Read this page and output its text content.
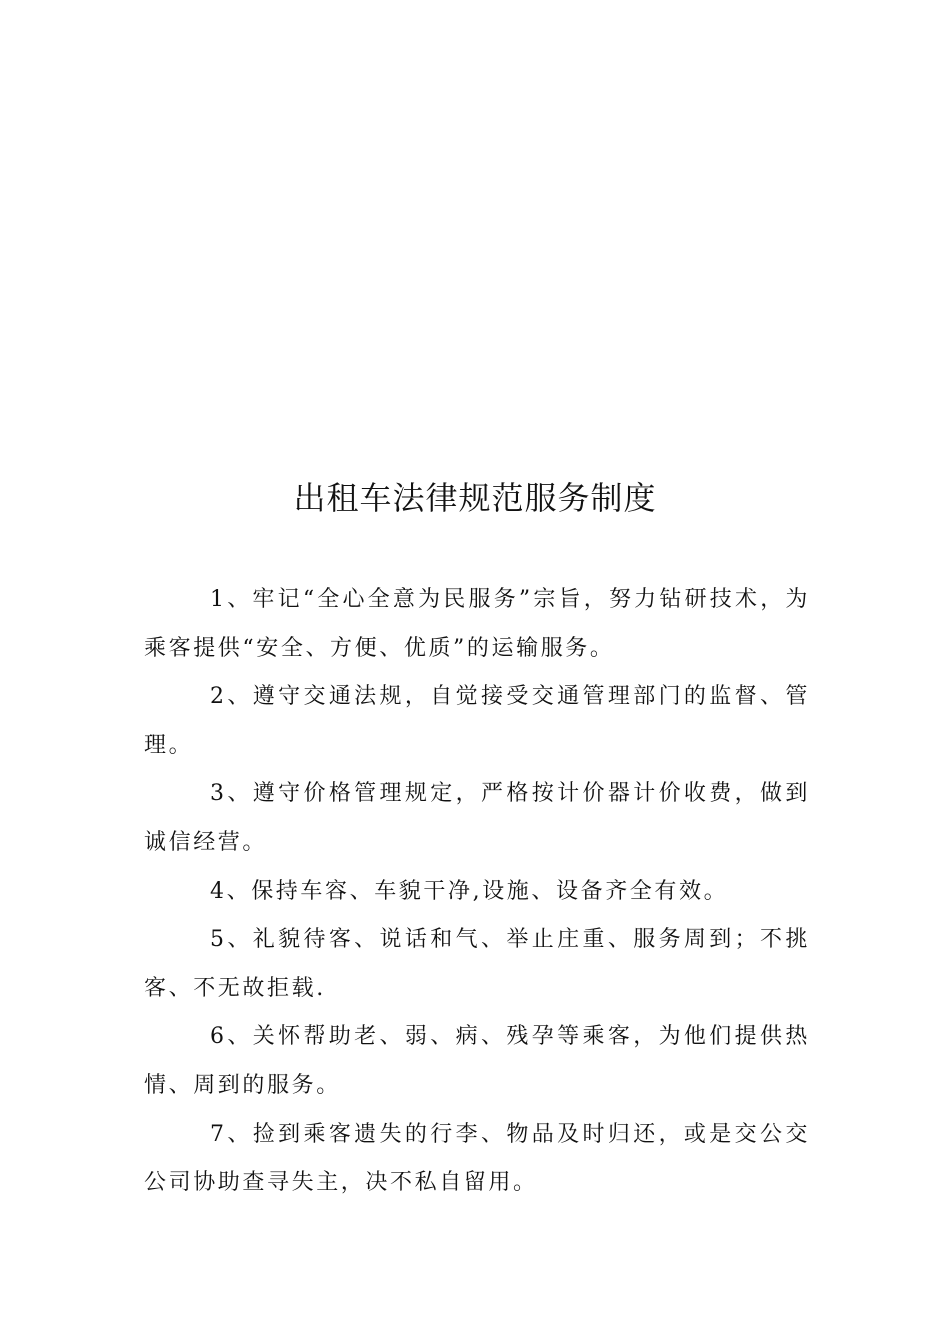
出租车法律规范服务制度

1、牢记“全心全意为民服务”宗旨，努力钻研技术，为乘客提供“安全、方便、优质”的运输服务。

2、遵守交通法规，自觉接受交通管理部门的监督、管理。

3、遵守价格管理规定，严格按计价器计价收费，做到诚信经营。

4、保持车容、车貌干净,设施、设备齐全有效。

5、礼貌待客、说话和气、举止庄重、服务周到；不挑客、不无故拒载.

6、关怀帮助老、弱、病、残孕等乘客，为他们提供热情、周到的服务。

7、捡到乘客遗失的行李、物品及时归还，或是交公交公司协助查寻失主，决不私自留用。
